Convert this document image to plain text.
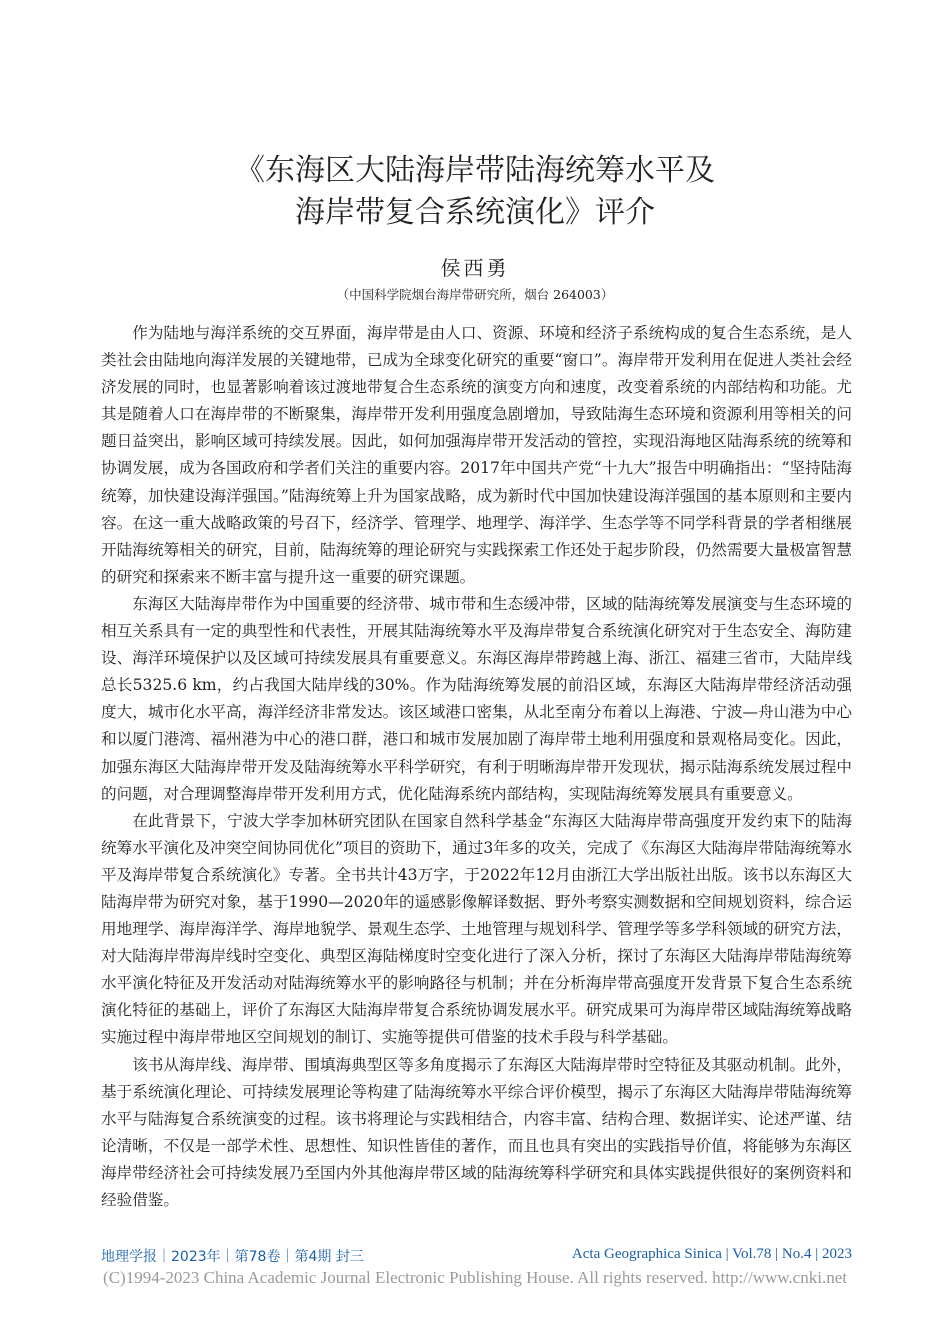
《东海区大陆海岸带陆海统筹水平及
海岸带复合系统演化》评介
侯西勇
（中国科学院烟台海岸带研究所，烟台 264003）

作为陆地与海洋系统的交互界面，海岸带是由人口、资源、环境和经济子系统构成的复合生态系统，是人类社会由陆地向海洋发展的关键地带，已成为全球变化研究的重要“窗口”。海岸带开发利用在促进人类社会经济发展的同时，也显著影响着该过渡地带复合生态系统的演变方向和速度，改变着系统的内部结构和功能。尤其是随着人口在海岸带的不断聚集，海岸带开发利用强度急剧增加，导致陆海生态环境和资源利用等相关的问题日益突出，影响区域可持续发展。因此，如何加强海岸带开发活动的管控，实现沿海地区陆海系统的统筹和协调发展，成为各国政府和学者们关注的重要内容。2017年中国共产党“十九大”报告中明确指出：“坚持陆海统筹，加快建设海洋强国。”陆海统筹上升为国家战略，成为新时代中国加快建设海洋强国的基本原则和主要内容。在这一重大战略政策的号召下，经济学、管理学、地理学、海洋学、生态学等不同学科背景的学者相继展开陆海统筹相关的研究，目前，陆海统筹的理论研究与实践探索工作还处于起步阶段，仍然需要大量极富智慧的研究和探索来不断丰富与提升这一重要的研究课题。

东海区大陆海岸带作为中国重要的经济带、城市带和生态缓冲带，区域的陆海统筹发展演变与生态环境的相互关系具有一定的典型性和代表性，开展其陆海统筹水平及海岸带复合系统演化研究对于生态安全、海防建设、海洋环境保护以及区域可持续发展具有重要意义。东海区海岸带跨越上海、浙江、福建三省市，大陆岸线总长5325.6 km，约占我国大陆岸线的30%。作为陆海统筹发展的前沿区域，东海区大陆海岸带经济活动强度大，城市化水平高，海洋经济非常发达。该区域港口密集，从北至南分布着以上海港、宁波—舟山港为中心和以厦门港湾、福州港为中心的港口群，港口和城市发展加剧了海岸带土地利用强度和景观格局变化。因此，加强东海区大陆海岸带开发及陆海统筹水平科学研究，有利于明晰海岸带开发现状，揭示陆海系统发展过程中的问题，对合理调整海岸带开发利用方式，优化陆海系统内部结构，实现陆海统筹发展具有重要意义。

在此背景下，宁波大学李加林研究团队在国家自然科学基金“东海区大陆海岸带高强度开发约束下的陆海统筹水平演化及冲突空间协同优化”项目的资助下，通过3年多的攻关，完成了《东海区大陆海岸带陆海统筹水平及海岸带复合系统演化》专著。全书共计43万字，于2022年12月由浙江大学出版社出版。该书以东海区大陆海岸带为研究对象，基于1990—2020年的遥感影像解译数据、野外考察实测数据和空间规划资料，综合运用地理学、海岸海洋学、海岸地貌学、景观生态学、土地管理与规划科学、管理学等多学科领域的研究方法，对大陆海岸带海岸线时空变化、典型区海陆梯度时空变化进行了深入分析，探讨了东海区大陆海岸带陆海统筹水平演化特征及开发活动对陆海统筹水平的影响路径与机制；并在分析海岸带高强度开发背景下复合生态系统演化特征的基础上，评价了东海区大陆海岸带复合系统协调发展水平。研究成果可为海岸带区域陆海统筹战略实施过程中海岸带地区空间规划的制订、实施等提供可借鉴的技术手段与科学基础。

该书从海岸线、海岸带、围填海典型区等多角度揭示了东海区大陆海岸带时空特征及其驱动机制。此外，基于系统演化理论、可持续发展理论等构建了陆海统筹水平综合评价模型，揭示了东海区大陆海岸带陆海统筹水平与陆海复合系统演变的过程。该书将理论与实践相结合，内容丰富、结构合理、数据详实、论述严谨、结论清晰，不仅是一部学术性、思想性、知识性皆佳的著作，而且也具有突出的实践指导价值，将能够为东海区海岸带经济社会可持续发展乃至国内外其他海岸带区域的陆海统筹科学研究和具体实践提供很好的案例资料和经验借鉴。

地理学报｜2023年｜第78卷｜第4期 封三	Acta Geographica Sinica | Vol.78 | No.4 | 2023
(C)1994-2023 China Academic Journal Electronic Publishing House. All rights reserved. http://www.cnki.net
